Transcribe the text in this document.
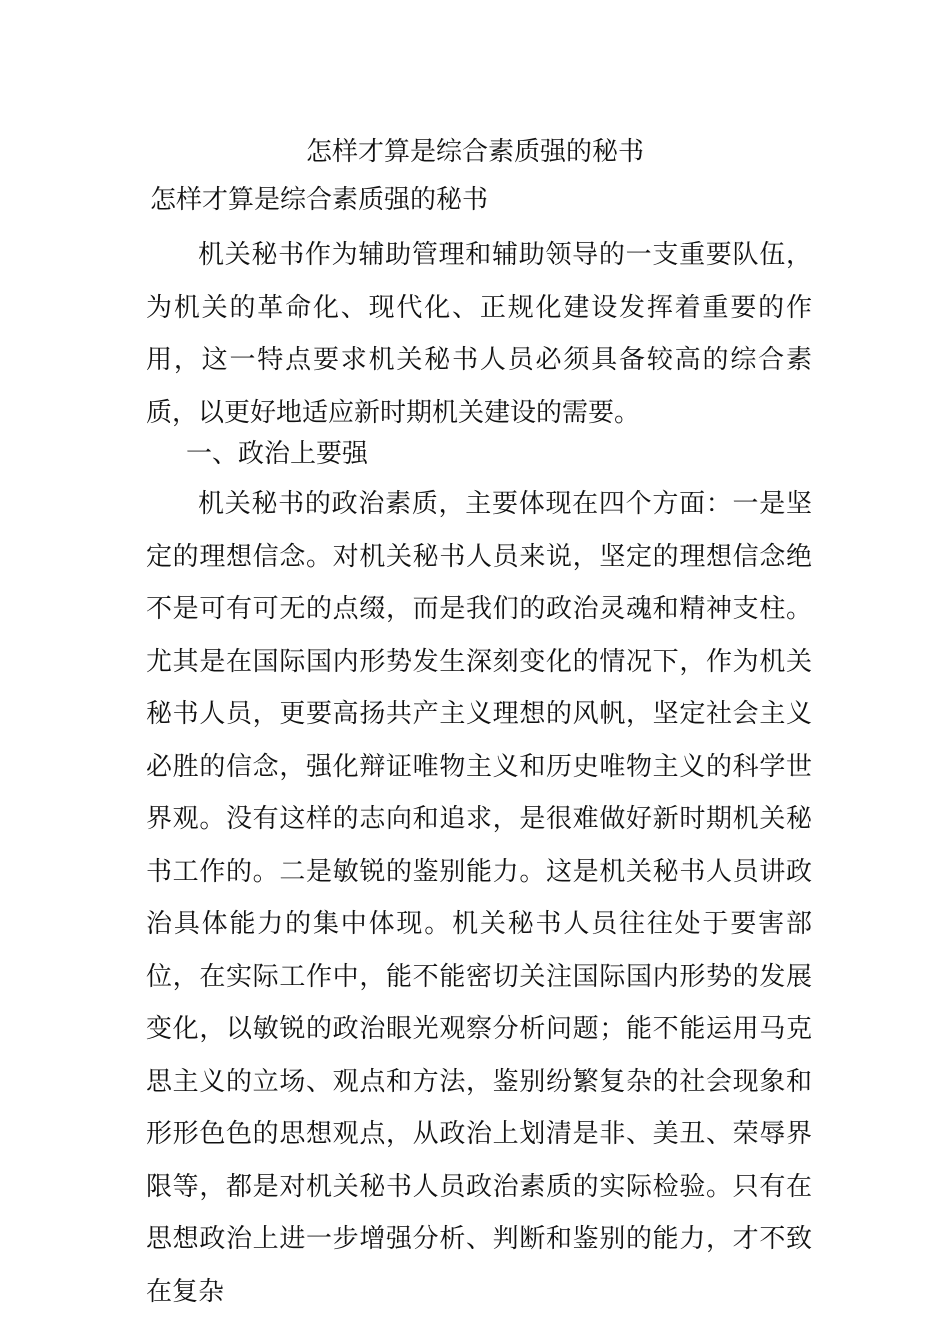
怎样才算是综合素质强的秘书
怎样才算是综合素质强的秘书

机关秘书作为辅助管理和辅助领导的一支重要队伍，为机关的革命化、现代化、正规化建设发挥着重要的作用，这一特点要求机关秘书人员必须具备较高的综合素质，以更好地适应新时期机关建设的需要。

一、政治上要强

机关秘书的政治素质，主要体现在四个方面：一是坚定的理想信念。对机关秘书人员来说，坚定的理想信念绝不是可有可无的点缀，而是我们的政治灵魂和精神支柱。尤其是在国际国内形势发生深刻变化的情况下，作为机关秘书人员，更要高扬共产主义理想的风帆，坚定社会主义必胜的信念，强化辩证唯物主义和历史唯物主义的科学世界观。没有这样的志向和追求，是很难做好新时期机关秘书工作的。二是敏锐的鉴别能力。这是机关秘书人员讲政治具体能力的集中体现。机关秘书人员往往处于要害部位，在实际工作中，能不能密切关注国际国内形势的发展变化，以敏锐的政治眼光观察分析问题；能不能运用马克思主义的立场、观点和方法，鉴别纷繁复杂的社会现象和形形色色的思想观点，从政治上划清是非、美丑、荣辱界限等，都是对机关秘书人员政治素质的实际检验。只有在思想政治上进一步增强分析、判断和鉴别的能力，才不致在复杂
